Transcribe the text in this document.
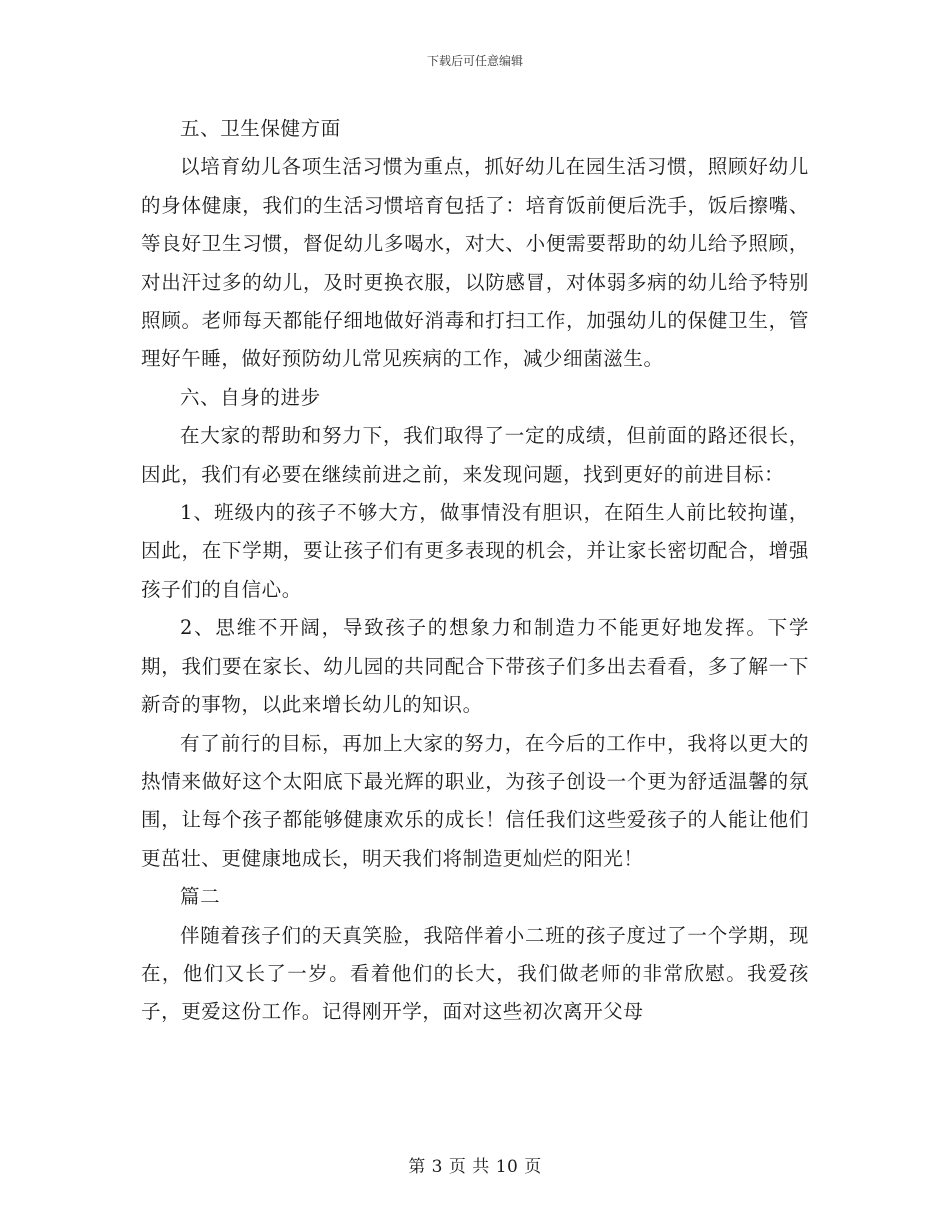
下载后可任意编辑

五、卫生保健方面

以培育幼儿各项生活习惯为重点，抓好幼儿在园生活习惯，照顾好幼儿的身体健康，我们的生活习惯培育包括了：培育饭前便后洗手，饭后擦嘴、等良好卫生习惯，督促幼儿多喝水，对大、小便需要帮助的幼儿给予照顾，对出汗过多的幼儿，及时更换衣服，以防感冒，对体弱多病的幼儿给予特别照顾。老师每天都能仔细地做好消毒和打扫工作，加强幼儿的保健卫生，管理好午睡，做好预防幼儿常见疾病的工作，减少细菌滋生。

六、自身的进步

在大家的帮助和努力下，我们取得了一定的成绩，但前面的路还很长，因此，我们有必要在继续前进之前，来发现问题，找到更好的前进目标：

1、班级内的孩子不够大方，做事情没有胆识，在陌生人前比较拘谨，因此，在下学期，要让孩子们有更多表现的机会，并让家长密切配合，增强孩子们的自信心。

2、思维不开阔，导致孩子的想象力和制造力不能更好地发挥。下学期，我们要在家长、幼儿园的共同配合下带孩子们多出去看看，多了解一下新奇的事物，以此来增长幼儿的知识。

有了前行的目标，再加上大家的努力，在今后的工作中，我将以更大的热情来做好这个太阳底下最光辉的职业，为孩子创设一个更为舒适温馨的氛围，让每个孩子都能够健康欢乐的成长！信任我们这些爱孩子的人能让他们更茁壮、更健康地成长，明天我们将制造更灿烂的阳光！

篇二

伴随着孩子们的天真笑脸，我陪伴着小二班的孩子度过了一个学期，现在，他们又长了一岁。看着他们的长大，我们做老师的非常欣慰。我爱孩子，更爱这份工作。记得刚开学，面对这些初次离开父母

第 3 页 共 10 页
